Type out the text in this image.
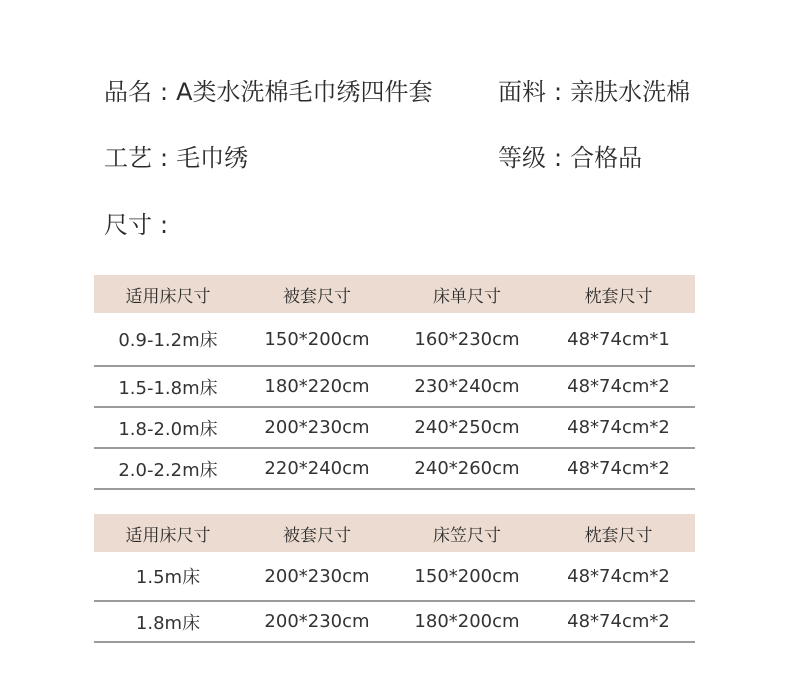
品名 : A类水洗棉毛巾绣四件套	面料 : 亲肤水洗棉
工艺 : 毛巾绣	等级 : 合格品
尺寸 :
适用床尺寸	被套尺寸	床单尺寸	枕套尺寸
0.9-1.2m床	150*200cm	160*230cm	48*74cm*1
1.5-1.8m床	180*220cm	230*240cm	48*74cm*2
1.8-2.0m床	200*230cm	240*250cm	48*74cm*2
2.0-2.2m床	220*240cm	240*260cm	48*74cm*2
适用床尺寸	被套尺寸	床笠尺寸	枕套尺寸
1.5m床	200*230cm	150*200cm	48*74cm*2
1.8m床	200*230cm	180*200cm	48*74cm*2
